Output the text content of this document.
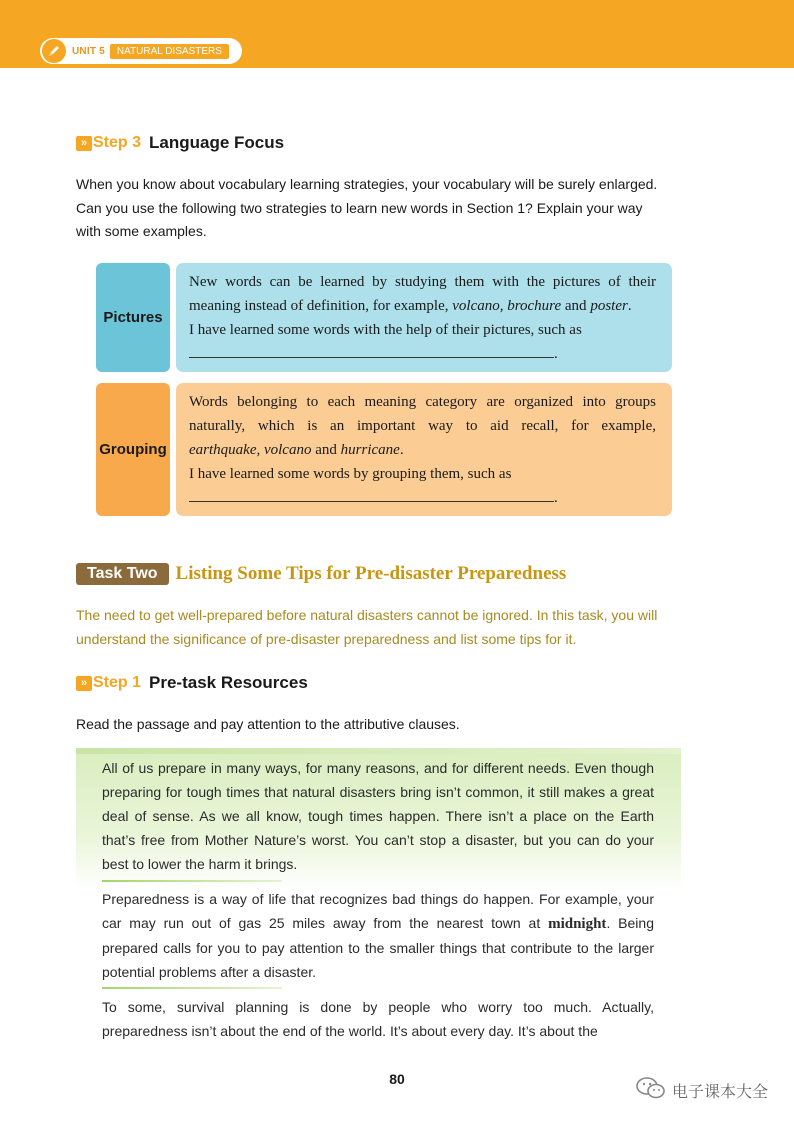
UNIT 5	NATURAL DISASTERS
» Step 3 Language Focus
When you know about vocabulary learning strategies, your vocabulary will be surely enlarged.
Can you use the following two strategies to learn new words in Section 1? Explain your way
with some examples.
Pictures
New words can be learned by studying them with the pictures of their
meaning instead of definition, for example, volcano, brochure and poster.
I have learned some words with the help of their pictures, such as
.
Grouping
Words belonging to each meaning category are organized into groups
naturally, which is an important way to aid recall, for example,
earthquake, volcano and hurricane.
I have learned some words by grouping them, such as
.
Task Two Listing Some Tips for Pre-disaster Preparedness
The need to get well-prepared before natural disasters cannot be ignored. In this task, you will
understand the significance of pre-disaster preparedness and list some tips for it.
» Step 1 Pre-task Resources
Read the passage and pay attention to the attributive clauses.
All of us prepare in many ways, for many reasons, and for different needs. Even though preparing for tough times that natural disasters bring isn’t common, it still makes a great deal of sense. As we all know, tough times happen. There isn’t a place on the Earth that’s free from Mother Nature’s worst. You can’t stop a disaster, but you can do your best to lower the harm it brings.
Preparedness is a way of life that recognizes bad things do happen. For example, your car may run out of gas 25 miles away from the nearest town at midnight. Being prepared calls for you to pay attention to the smaller things that contribute to the larger potential problems after a disaster.
To some, survival planning is done by people who worry too much. Actually, preparedness isn’t about the end of the world. It’s about every day. It’s about the
80
电子课本大全
